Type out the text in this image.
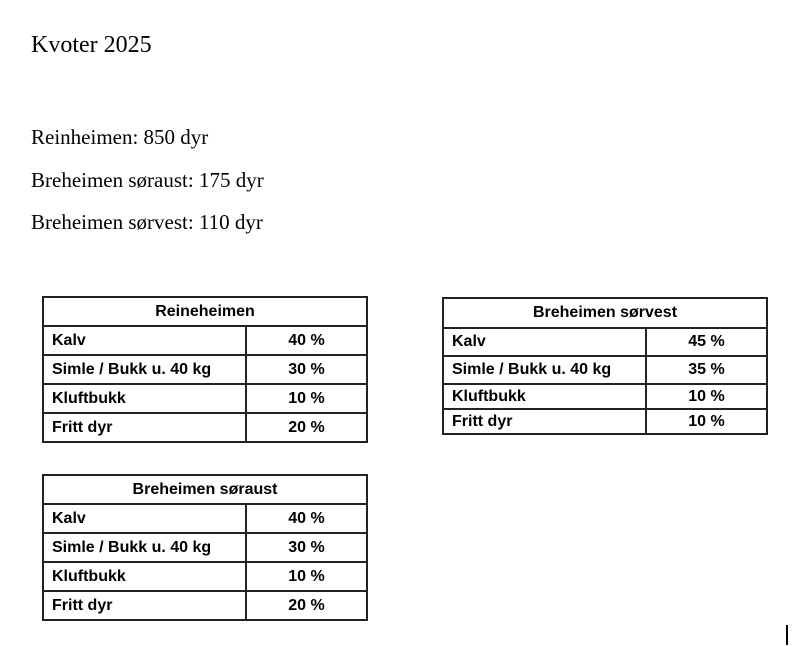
Kvoter 2025
Reinheimen: 850 dyr
Breheimen søraust: 175 dyr
Breheimen sørvest: 110 dyr
Reineheimen	
Kalv	40 %
Simle / Bukk u. 40 kg	30 %
Kluftbukk	10 %
Fritt dyr	20 %
Breheimen sørvest	
Kalv	45 %
Simle / Bukk u. 40 kg	35 %
Kluftbukk	10 %
Fritt dyr	10 %
Breheimen søraust	
Kalv	40 %
Simle / Bukk u. 40 kg	30 %
Kluftbukk	10 %
Fritt dyr	20 %
